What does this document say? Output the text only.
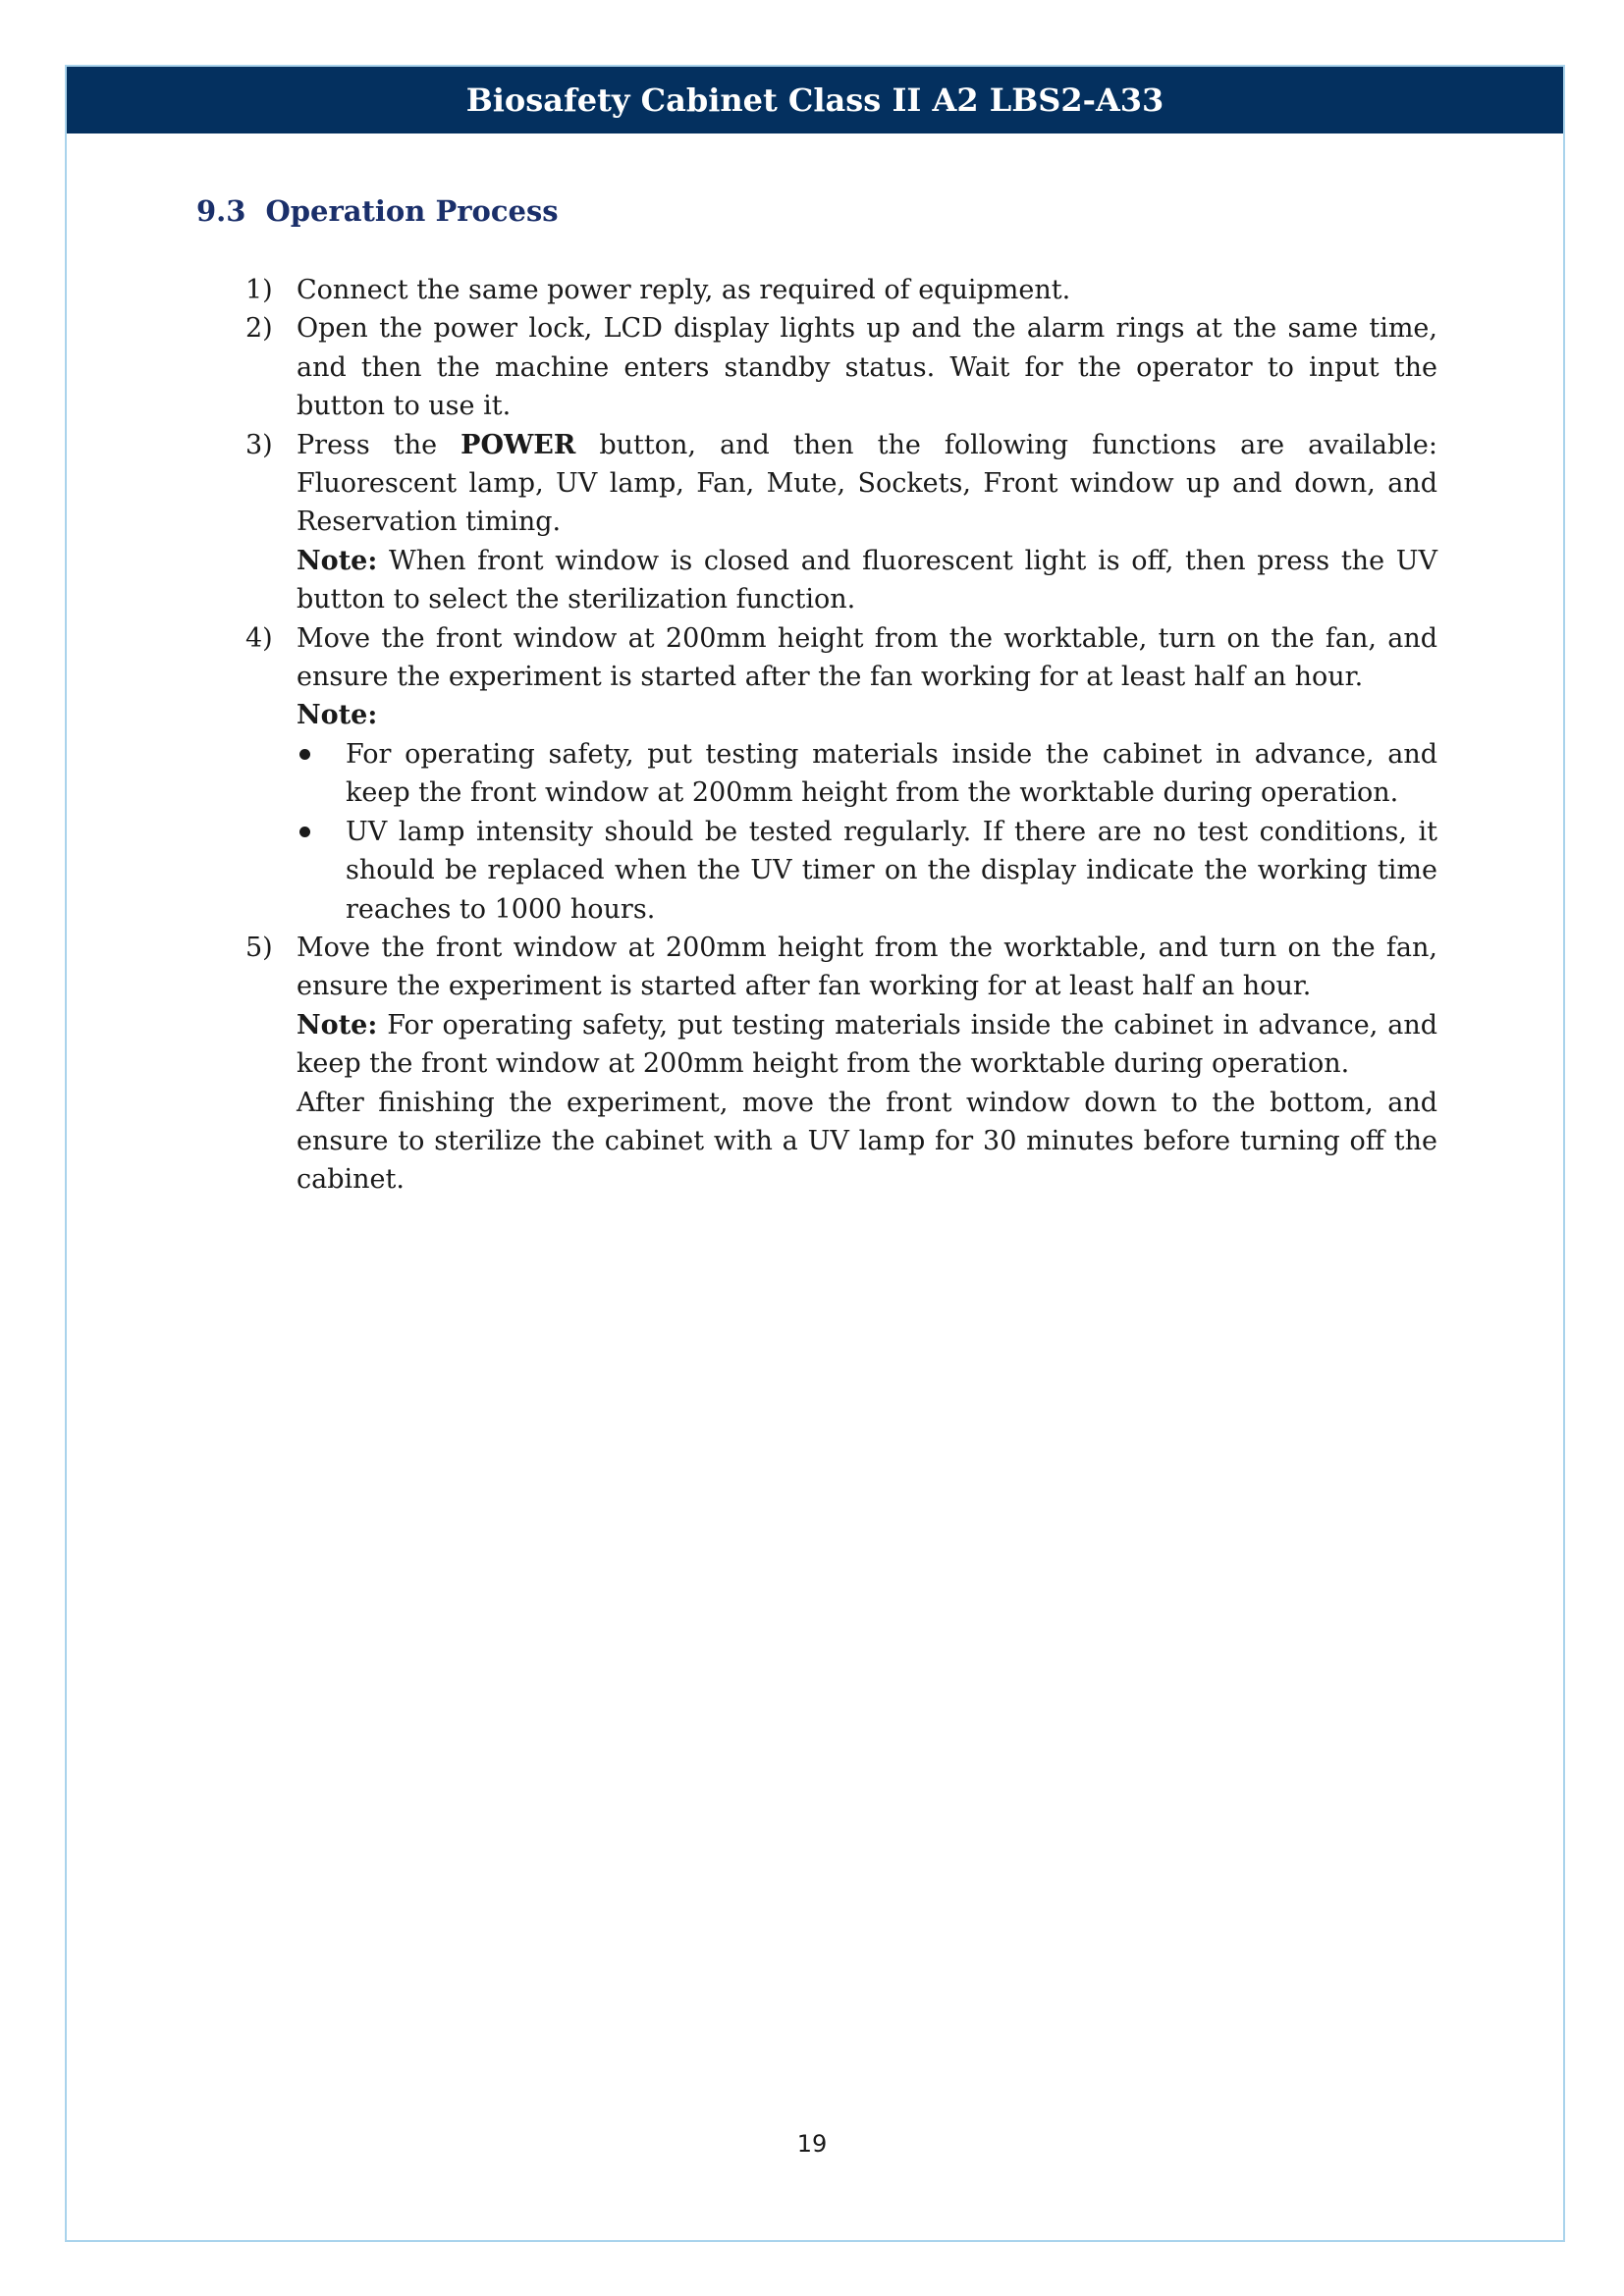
Biosafety Cabinet Class II A2 LBS2-A33
9.3 Operation Process
1) Connect the same power reply, as required of equipment.
2) Open the power lock, LCD display lights up and the alarm rings at the same time, and then the machine enters standby status. Wait for the operator to input the button to use it.
3) Press the POWER button, and then the following functions are available: Fluorescent lamp, UV lamp, Fan, Mute, Sockets, Front window up and down, and Reservation timing.
Note: When front window is closed and fluorescent light is off, then press the UV button to select the sterilization function.
4) Move the front window at 200mm height from the worktable, turn on the fan, and ensure the experiment is started after the fan working for at least half an hour.
Note:
For operating safety, put testing materials inside the cabinet in advance, and keep the front window at 200mm height from the worktable during operation.
UV lamp intensity should be tested regularly. If there are no test conditions, it should be replaced when the UV timer on the display indicate the working time reaches to 1000 hours.
5) Move the front window at 200mm height from the worktable, and turn on the fan, ensure the experiment is started after fan working for at least half an hour.
Note: For operating safety, put testing materials inside the cabinet in advance, and keep the front window at 200mm height from the worktable during operation.
After finishing the experiment, move the front window down to the bottom, and ensure to sterilize the cabinet with a UV lamp for 30 minutes before turning off the cabinet.
19
